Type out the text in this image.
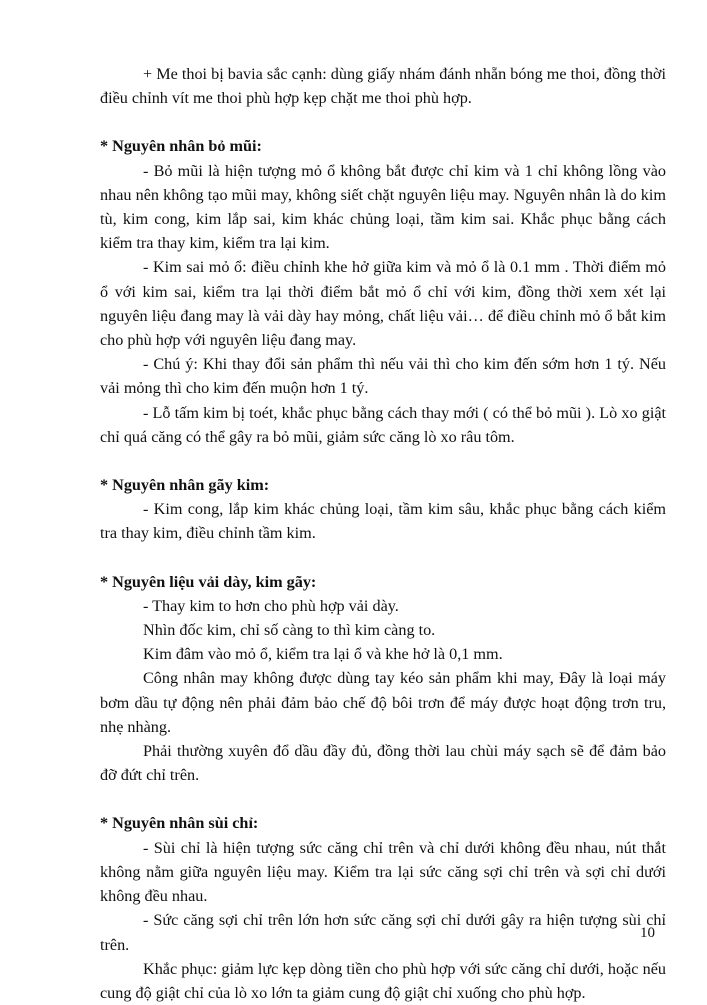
+ Me thoi bị bavia sắc cạnh: dùng giấy nhám đánh nhẵn bóng me thoi, đồng thời điều chỉnh vít me thoi phù hợp kẹp chặt me thoi phù hợp.

* Nguyên nhân bỏ mũi:

- Bỏ mũi là hiện tượng mỏ ổ không bắt được chỉ kim và 1 chỉ không lồng vào nhau nên không tạo mũi may, không siết chặt nguyên liệu may. Nguyên nhân là do kim tù, kim cong, kim lắp sai, kim khác chủng loại, tầm kim sai. Khắc phục bằng cách kiểm tra thay kim, kiểm tra lại kim.

- Kim sai mỏ ổ: điều chỉnh khe hở giữa kim và mỏ ổ là 0.1 mm . Thời điểm mỏ ổ với kim sai, kiểm tra lại thời điểm bắt mỏ ổ chỉ với kim, đồng thời xem xét lại nguyên liệu đang may là vải dày hay mỏng, chất liệu vải… để điều chỉnh mỏ ổ bắt kim cho phù hợp với nguyên liệu đang may.

- Chú ý: Khi thay đổi sản phẩm thì nếu vải thì cho kim đến sớm hơn 1 tý. Nếu vải mỏng thì cho kim đến muộn hơn 1 tý.

- Lỗ tấm kim bị toét, khắc phục bằng cách thay mới ( có thể bỏ mũi ). Lò xo giật chỉ quá căng có thể gây ra bỏ mũi, giảm sức căng lò xo râu tôm.

* Nguyên nhân gãy kim:

- Kim cong, lắp kim khác chủng loại, tầm kim sâu, khắc phục bằng cách kiểm tra thay kim, điều chỉnh tầm kim.

* Nguyên liệu vải dày, kim gãy:

- Thay kim to hơn cho phù hợp vải dày.

Nhìn đốc kim, chỉ số càng to thì kim càng to.

Kim đâm vào mỏ ổ, kiểm tra lại ổ và khe hở là 0,1 mm.

Công nhân may không được dùng tay kéo sản phẩm khi may, Đây là loại máy bơm dầu tự động nên phải đảm bảo chế độ bôi trơn để máy được hoạt động trơn tru, nhẹ nhàng.

Phải thường xuyên đổ dầu đầy đủ, đồng thời lau chùi máy sạch sẽ để đảm bảo đỡ đứt chỉ trên.

* Nguyên nhân sùi chỉ:

- Sùi chỉ là hiện tượng sức căng chỉ trên và chỉ dưới không đều nhau, nút thắt không nằm giữa nguyên liệu may. Kiểm tra lại sức căng sợi chỉ trên và sợi chỉ dưới không đều nhau.

- Sức căng sợi chỉ trên lớn hơn sức căng sợi chỉ dưới gây ra hiện tượng sùi chỉ trên.

Khắc phục: giảm lực kẹp dòng tiền cho phù hợp với sức căng chỉ dưới, hoặc nếu cung độ giật chỉ của lò xo lớn ta giảm cung độ giật chỉ xuống cho phù hợp.

10
